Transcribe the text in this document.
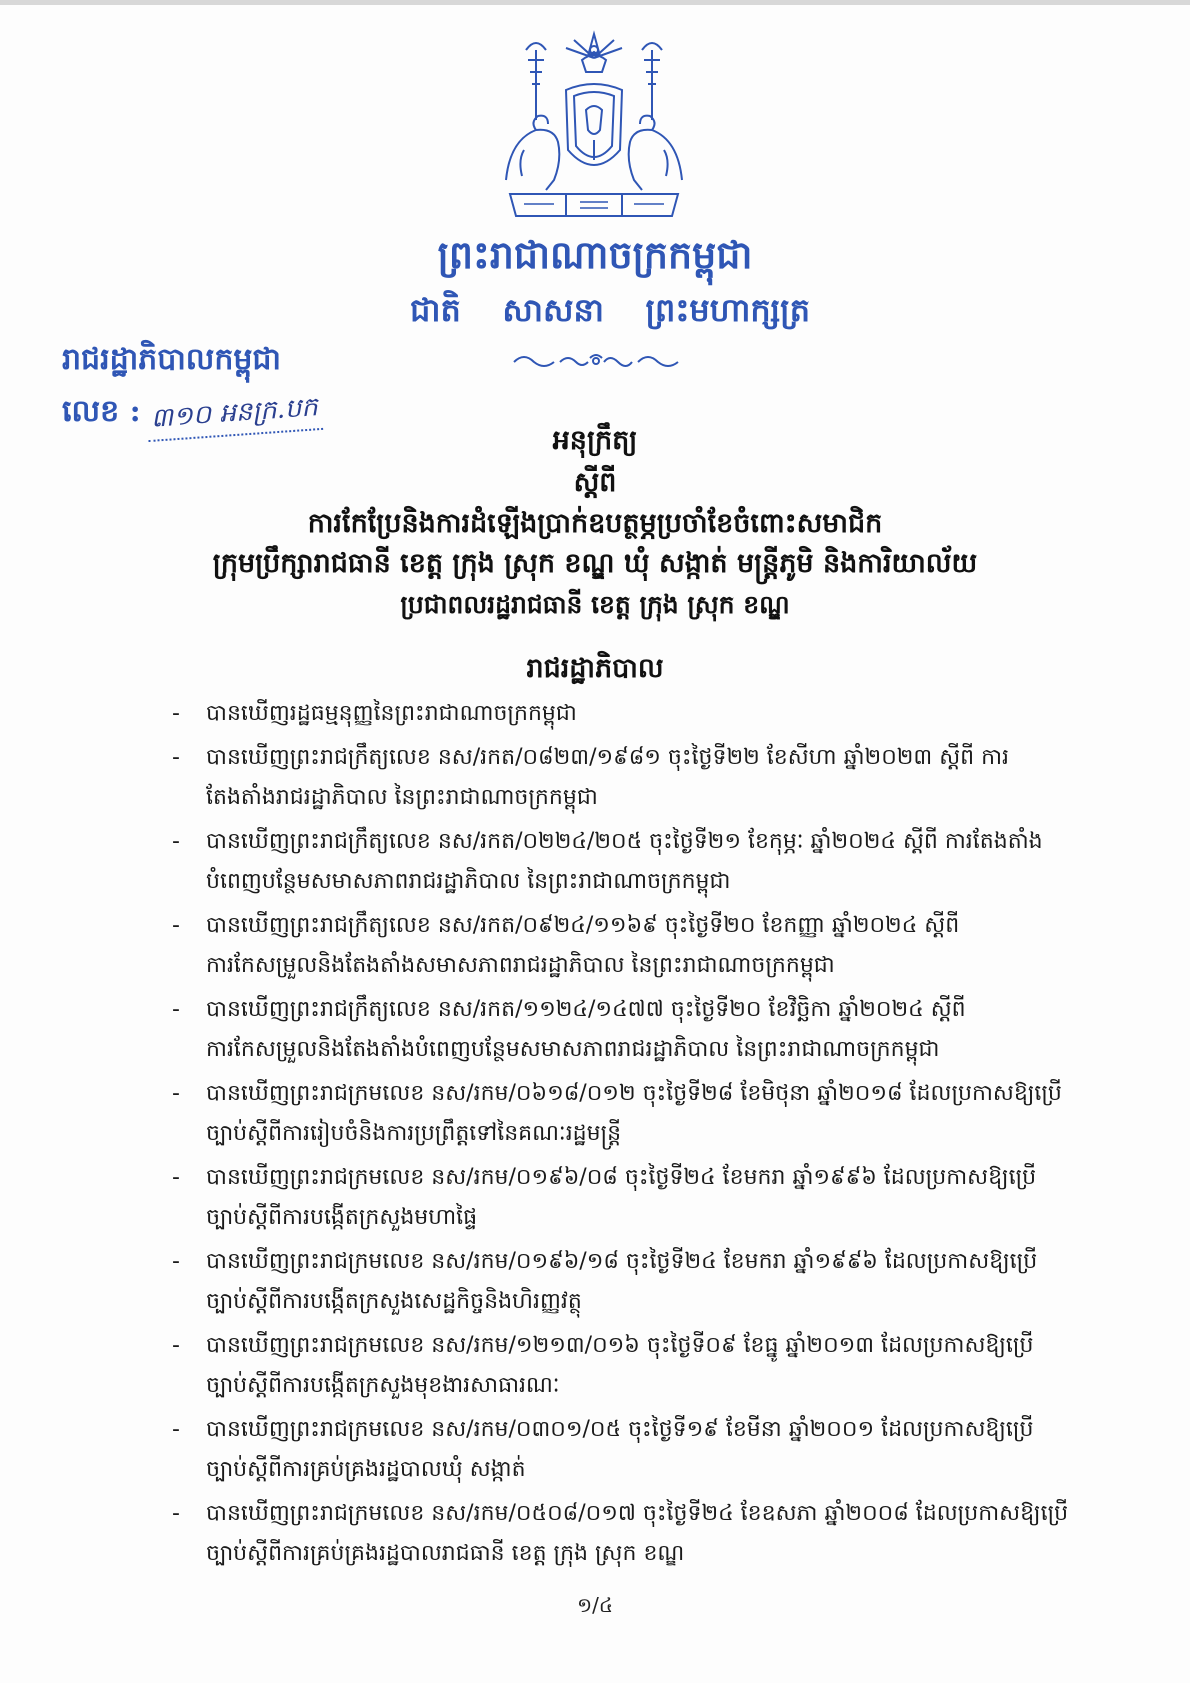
ព្រះរាជាណាចក្រកម្ពុជា
ជាតិ សាសនា ព្រះមហាក្សត្រ
រាជរដ្ឋាភិបាលកម្ពុជា
លេខ : ៣១០ អនក្រ.បក
អនុក្រឹត្យ
ស្តីពី
ការកែប្រែនិងការដំឡើងប្រាក់ឧបត្ថម្ភប្រចាំខែចំពោះសមាជិក
ក្រុមប្រឹក្សារាជធានី ខេត្ត ក្រុង ស្រុក ខណ្ឌ ឃុំ សង្កាត់ មន្ត្រីភូមិ និងការិយាល័យ
ប្រជាពលរដ្ឋរាជធានី ខេត្ត ក្រុង ស្រុក ខណ្ឌ
រាជរដ្ឋាភិបាល
-	បានឃើញរដ្ឋធម្មនុញ្ញនៃព្រះរាជាណាចក្រកម្ពុជា
-	បានឃើញព្រះរាជក្រឹត្យលេខ នស/រកត/០៨២៣/១៩៨១ ចុះថ្ងៃទី២២ ខែសីហា ឆ្នាំ២០២៣ ស្តីពី ការតែងតាំងរាជរដ្ឋាភិបាល នៃព្រះរាជាណាចក្រកម្ពុជា
-	បានឃើញព្រះរាជក្រឹត្យលេខ នស/រកត/០២២៤/២០៥ ចុះថ្ងៃទី២១ ខែកុម្ភៈ ឆ្នាំ២០២៤ ស្តីពី ការតែងតាំងបំពេញបន្ថែមសមាសភាពរាជរដ្ឋាភិបាល នៃព្រះរាជាណាចក្រកម្ពុជា
-	បានឃើញព្រះរាជក្រឹត្យលេខ នស/រកត/០៩២៤/១១៦៩ ចុះថ្ងៃទី២០ ខែកញ្ញា ឆ្នាំ២០២៤ ស្តីពី ការកែសម្រួលនិងតែងតាំងសមាសភាពរាជរដ្ឋាភិបាល នៃព្រះរាជាណាចក្រកម្ពុជា
-	បានឃើញព្រះរាជក្រឹត្យលេខ នស/រកត/១១២៤/១៤៧៧ ចុះថ្ងៃទី២០ ខែវិច្ឆិកា ឆ្នាំ២០២៤ ស្តីពី ការកែសម្រួលនិងតែងតាំងបំពេញបន្ថែមសមាសភាពរាជរដ្ឋាភិបាល នៃព្រះរាជាណាចក្រកម្ពុជា
-	បានឃើញព្រះរាជក្រមលេខ នស/រកម/០៦១៨/០១២ ចុះថ្ងៃទី២៨ ខែមិថុនា ឆ្នាំ២០១៨ ដែលប្រកាសឱ្យប្រើច្បាប់ស្តីពីការរៀបចំនិងការប្រព្រឹត្តទៅនៃគណៈរដ្ឋមន្ត្រី
-	បានឃើញព្រះរាជក្រមលេខ នស/រកម/០១៩៦/០៨ ចុះថ្ងៃទី២៤ ខែមករា ឆ្នាំ១៩៩៦ ដែលប្រកាសឱ្យប្រើច្បាប់ស្តីពីការបង្កើតក្រសួងមហាផ្ទៃ
-	បានឃើញព្រះរាជក្រមលេខ នស/រកម/០១៩៦/១៨ ចុះថ្ងៃទី២៤ ខែមករា ឆ្នាំ១៩៩៦ ដែលប្រកាសឱ្យប្រើច្បាប់ស្តីពីការបង្កើតក្រសួងសេដ្ឋកិច្ចនិងហិរញ្ញវត្ថុ
-	បានឃើញព្រះរាជក្រមលេខ នស/រកម/១២១៣/០១៦ ចុះថ្ងៃទី០៩ ខែធ្នូ ឆ្នាំ២០១៣ ដែលប្រកាសឱ្យប្រើច្បាប់ស្តីពីការបង្កើតក្រសួងមុខងារសាធារណៈ
-	បានឃើញព្រះរាជក្រមលេខ នស/រកម/០៣០១/០៥ ចុះថ្ងៃទី១៩ ខែមីនា ឆ្នាំ២០០១ ដែលប្រកាសឱ្យប្រើច្បាប់ស្តីពីការគ្រប់គ្រងរដ្ឋបាលឃុំ សង្កាត់
-	បានឃើញព្រះរាជក្រមលេខ នស/រកម/០៥០៨/០១៧ ចុះថ្ងៃទី២៤ ខែឧសភា ឆ្នាំ២០០៨ ដែលប្រកាសឱ្យប្រើច្បាប់ស្តីពីការគ្រប់គ្រងរដ្ឋបាលរាជធានី ខេត្ត ក្រុង ស្រុក ខណ្ឌ
១/៤
